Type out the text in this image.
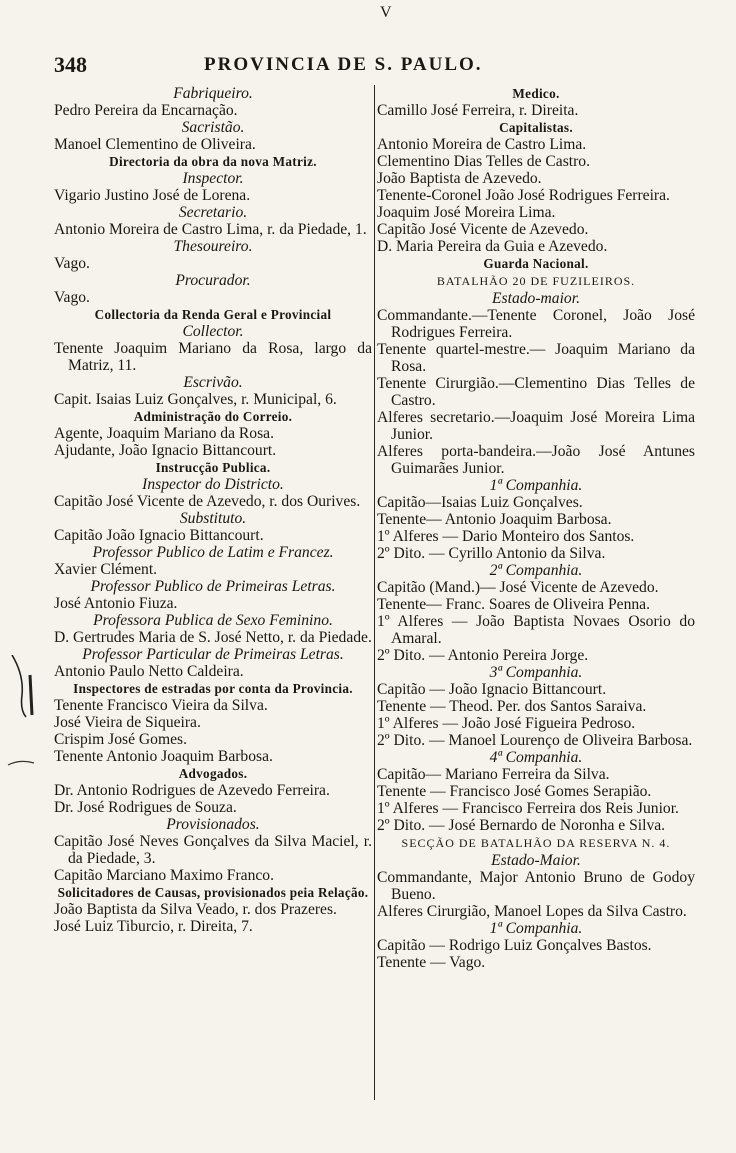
V
348	PROVINCIA DE S. PAULO.
Fabriqueiro.
Pedro Pereira da Encarnação.
Sacristão.
Manoel Clementino de Oliveira.
Directoria da obra da nova Matriz.
Inspector.
Vigario Justino José de Lorena.
Secretario.
Antonio Moreira de Castro Lima, r. da Piedade, 1.
Thesoureiro.
Vago.
Procurador.
Vago.
Collectoria da Renda Geral e Provincial
Collector.
Tenente Joaquim Mariano da Rosa, largo da Matriz, 11.
Escrivão.
Capit. Isaias Luiz Gonçalves, r. Municipal, 6.
Administração do Correio.
Agente, Joaquim Mariano da Rosa.
Ajudante, João Ignacio Bittancourt.
Instrucção Publica.
Inspector do Districto.
Capitão José Vicente de Azevedo, r. dos Ourives.
Substituto.
Capitão João Ignacio Bittancourt.
Professor Publico de Latim e Francez.
Xavier Clément.
Professor Publico de Primeiras Letras.
José Antonio Fiuza.
Professora Publica de Sexo Feminino.
D. Gertrudes Maria de S. José Netto, r. da Piedade.
Professor Particular de Primeiras Letras.
Antonio Paulo Netto Caldeira.
Inspectores de estradas por conta da Provincia.
Tenente Francisco Vieira da Silva.
José Vieira de Siqueira.
Crispim José Gomes.
Tenente Antonio Joaquim Barbosa.
Advogados.
Dr. Antonio Rodrigues de Azevedo Ferreira.
Dr. José Rodrigues de Souza.
Provisionados.
Capitão José Neves Gonçalves da Silva Maciel, r. da Piedade, 3.
Capitão Marciano Maximo Franco.
Solicitadores de Causas, provisionados peia Relação.
João Baptista da Silva Veado, r. dos Prazeres.
José Luiz Tiburcio, r. Direita, 7.
Medico.
Camillo José Ferreira, r. Direita.
Capitalistas.
Antonio Moreira de Castro Lima.
Clementino Dias Telles de Castro.
João Baptista de Azevedo.
Tenente-Coronel João José Rodrigues Ferreira.
Joaquim José Moreira Lima.
Capitão José Vicente de Azevedo.
D. Maria Pereira da Guia e Azevedo.
Guarda Nacional.
BATALHÃO 20 DE FUZILEIROS.
Estado-maior.
Commandante.—Tenente Coronel, João José Rodrigues Ferreira.
Tenente quartel-mestre.— Joaquim Mariano da Rosa.
Tenente Cirurgião.—Clementino Dias Telles de Castro.
Alferes secretario.—Joaquim José Moreira Lima Junior.
Alferes porta-bandeira.—João José Antunes Guimarães Junior.
1ª Companhia.
Capitão—Isaias Luiz Gonçalves.
Tenente— Antonio Joaquim Barbosa.
1º Alferes — Dario Monteiro dos Santos.
2º Dito. — Cyrillo Antonio da Silva.
2ª Companhia.
Capitão (Mand.)— José Vicente de Azevedo.
Tenente— Franc. Soares de Oliveira Penna.
1º Alferes — João Baptista Novaes Osorio do Amaral.
2º Dito. — Antonio Pereira Jorge.
3ª Companhia.
Capitão — João Ignacio Bittancourt.
Tenente — Theod. Per. dos Santos Saraiva.
1º Alferes — João José Figueira Pedroso.
2º Dito. — Manoel Lourenço de Oliveira Barbosa.
4ª Companhia.
Capitão— Mariano Ferreira da Silva.
Tenente — Francisco José Gomes Serapião.
1º Alferes — Francisco Ferreira dos Reis Junior.
2º Dito. — José Bernardo de Noronha e Silva.
SECÇÃO DE BATALHÃO DA RESERVA N. 4.
Estado-Maior.
Commandante, Major Antonio Bruno de Godoy Bueno.
Alferes Cirurgião, Manoel Lopes da Silva Castro.
1ª Companhia.
Capitão — Rodrigo Luiz Gonçalves Bastos.
Tenente — Vago.
